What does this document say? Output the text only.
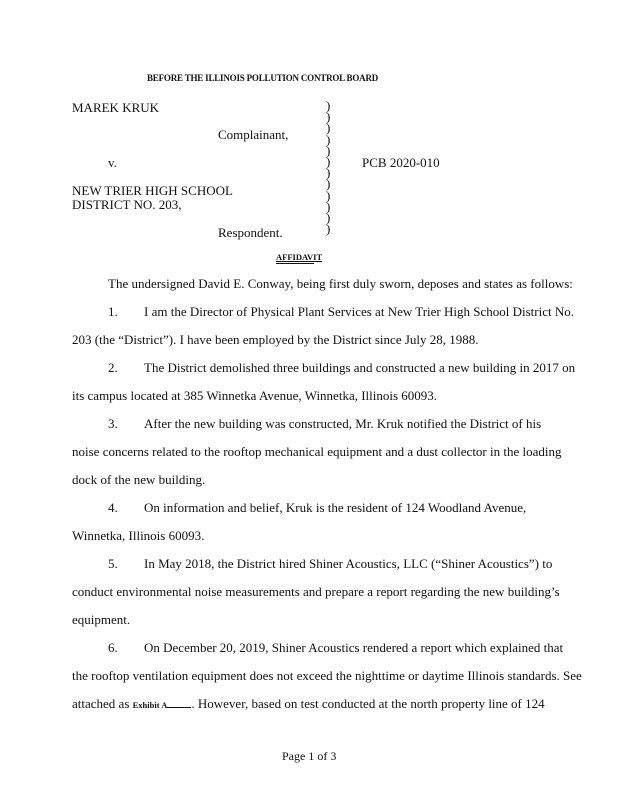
BEFORE THE ILLINOIS POLLUTION CONTROL BOARD
MAREK KRUK
Complainant,
v.	PCB 2020-010
NEW TRIER HIGH SCHOOL
DISTRICT NO. 203,
Respondent.
)
)
)
)
)
)
)
)
)
)
)
)
AFFIDAVIT
The undersigned David E. Conway, being first duly sworn, deposes and states as follows:
1. I am the Director of Physical Plant Services at New Trier High School District No.
203 (the “District”). I have been employed by the District since July 28, 1988.
2. The District demolished three buildings and constructed a new building in 2017 on
its campus located at 385 Winnetka Avenue, Winnetka, Illinois 60093.
3. After the new building was constructed, Mr. Kruk notified the District of his
noise concerns related to the rooftop mechanical equipment and a dust collector in the loading
dock of the new building.
4. On information and belief, Kruk is the resident of 124 Woodland Avenue,
Winnetka, Illinois 60093.
5. In May 2018, the District hired Shiner Acoustics, LLC (“Shiner Acoustics”) to
conduct environmental noise measurements and prepare a report regarding the new building’s
equipment.
6. On December 20, 2019, Shiner Acoustics rendered a report which explained that
the rooftop ventilation equipment does not exceed the nighttime or daytime Illinois standards. See
attached as Exhibit A . However, based on test conducted at the north property line of 124
Page 1 of 3
